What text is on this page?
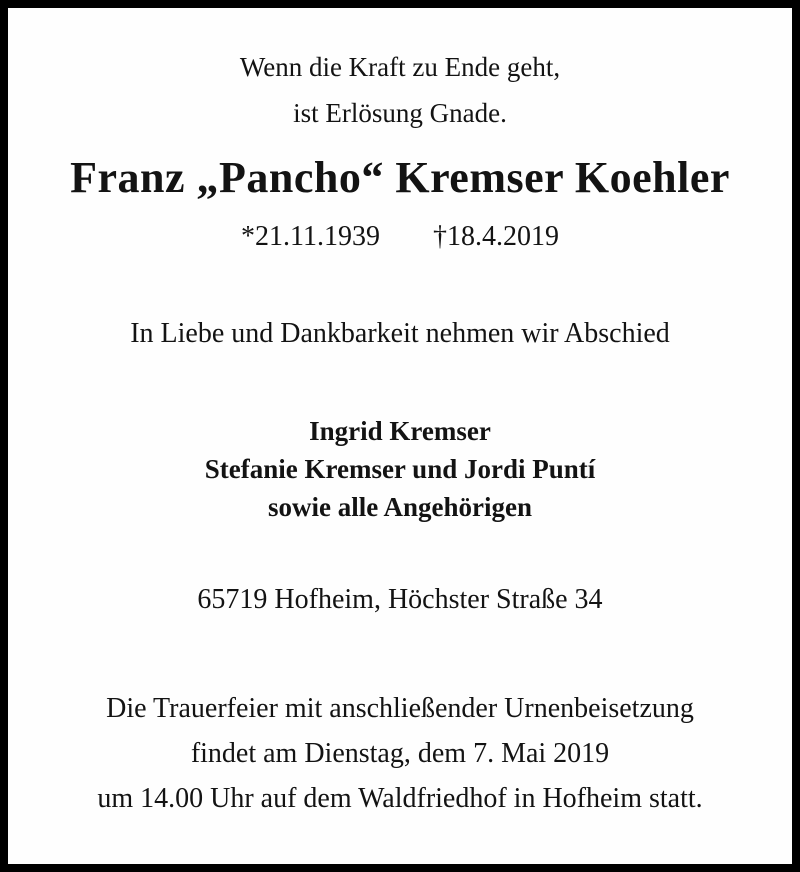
Wenn die Kraft zu Ende geht,
ist Erlösung Gnade.
Franz „Pancho“ Kremser Koehler
*21.11.1939 †18.4.2019
In Liebe und Dankbarkeit nehmen wir Abschied
Ingrid Kremser
Stefanie Kremser und Jordi Puntí
sowie alle Angehörigen
65719 Hofheim, Höchster Straße 34
Die Trauerfeier mit anschließender Urnenbeisetzung
findet am Dienstag, dem 7. Mai 2019
um 14.00 Uhr auf dem Waldfriedhof in Hofheim statt.
